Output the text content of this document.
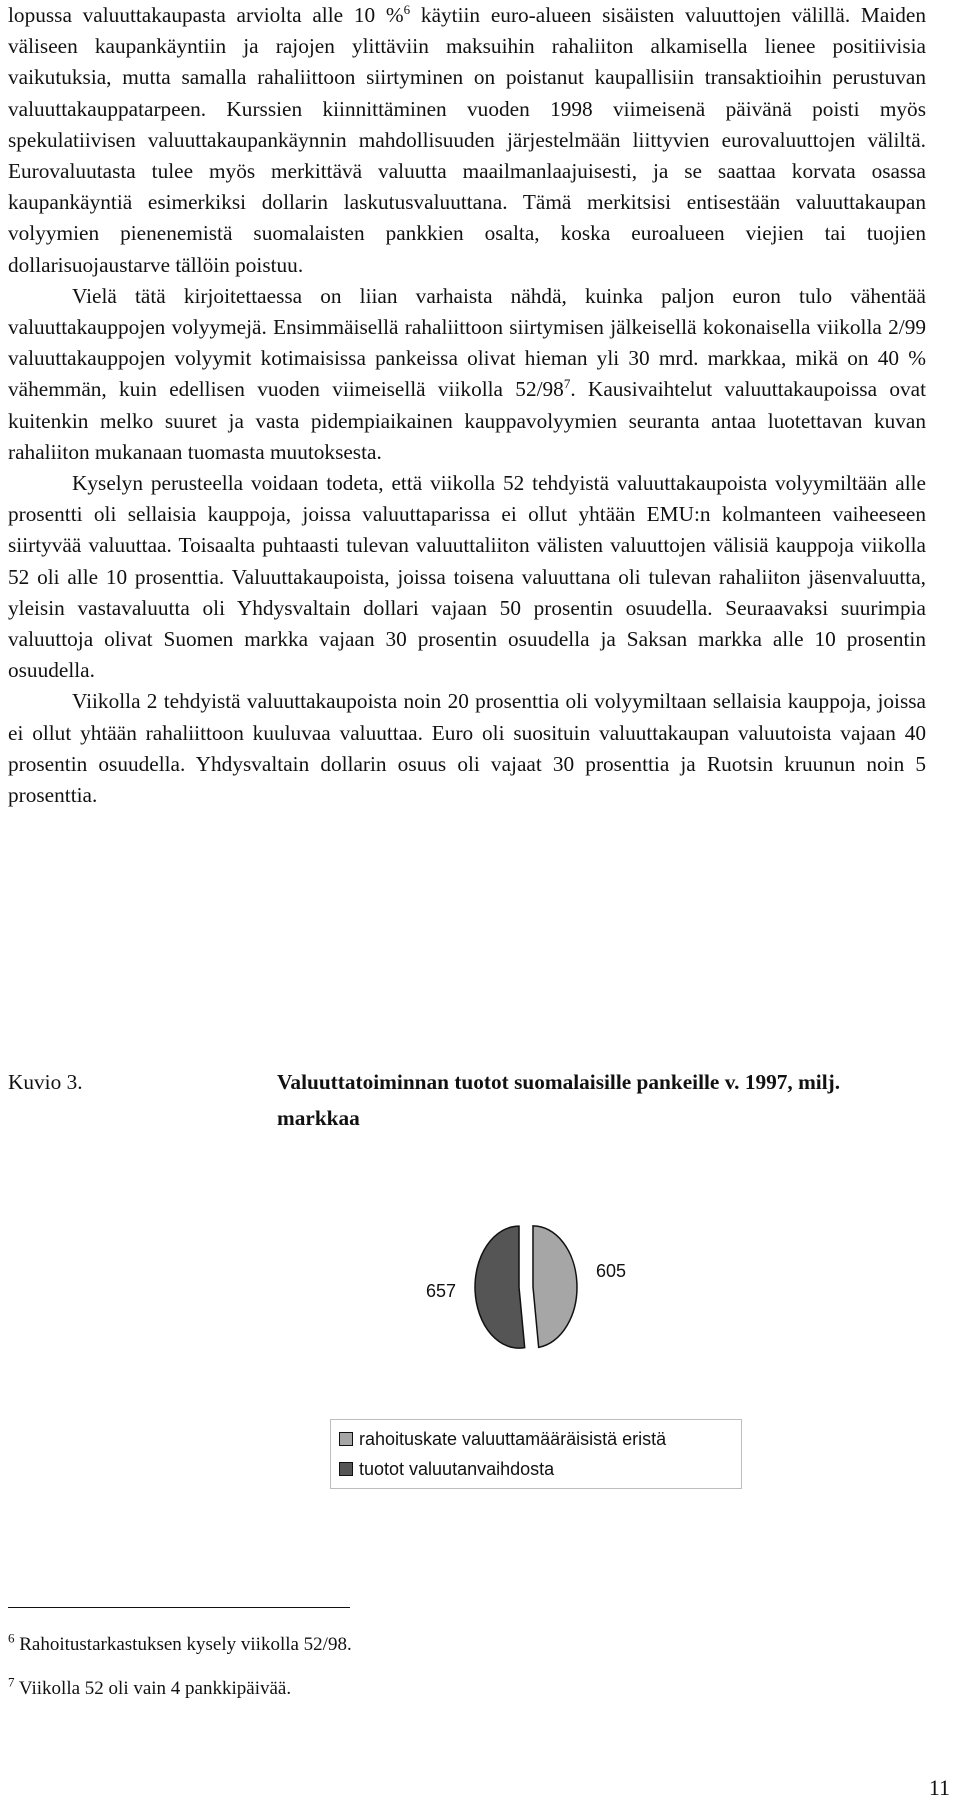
lopussa valuuttakaupasta arviolta alle 10 %$^6$ käytiin euro-alueen sisäisten valuuttojen välillä. Maiden väliseen kaupankäyntiin ja rajojen ylittäviin maksuihin rahaliiton alkamisella lienee positiivisia vaikutuksia, mutta samalla rahaliittoon siirtyminen on poistanut kaupallisiin transaktioihin perustuvan valuuttakauppatarpeen. Kurssien kiinnittäminen vuoden 1998 viimeisenä päivänä poisti myös spekulatiivisen valuuttakaupankäynnin mahdollisuuden järjestelmään liittyvien eurovaluuttojen väliltä. Eurovaluutasta tulee myös merkittävä valuutta maailmanlaajuisesti, ja se saattaa korvata osassa kaupankäyntiä esimerkiksi dollarin laskutusvaluuttana. Tämä merkitsisi entisestään valuuttakaupan volyymien pienenemistä suomalaisten pankkien osalta, koska euroalueen viejien tai tuojien dollarisuojaustarve tällöin poistuu.

Vielä tätä kirjoitettaessa on liian varhaista nähdä, kuinka paljon euron tulo vähentää valuuttakauppojen volyymejä. Ensimmäisellä rahaliittoon siirtymisen jälkeisellä kokonaisella viikolla 2/99 valuuttakauppojen volyymit kotimaisissa pankeissa olivat hieman yli 30 mrd. markkaa, mikä on 40 % vähemmän, kuin edellisen vuoden viimeisellä viikolla $52/98^7$. Kausivaihtelut valuuttakaupoissa ovat kuitenkin melko suuret ja vasta pidempiaikainen kauppavolyymien seuranta antaa luotettavan kuvan rahaliiton mukanaan tuomasta muutoksesta.

Kyselyn perusteella voidaan todeta, että viikolla 52 tehdyistä valuuttakaupoista volyymiltään alle prosentti oli sellaisia kauppoja, joissa valuuttaparissa ei ollut yhtään EMU:n kolmanteen vaiheeseen siirtyvää valuuttaa. Toisaalta puhtaasti tulevan valuuttaliiton välisten valuuttojen välisiä kauppoja viikolla 52 oli alle 10 prosenttia. Valuuttakaupoista, joissa toisena valuuttana oli tulevan rahaliiton jäsenvaluutta, yleisin vastavaluutta oli Yhdysvaltain dollari vajaan 50 prosentin osuudella. Seuraavaksi suurimpia valuuttoja olivat Suomen markka vajaan 30 prosentin osuudella ja Saksan markka alle 10 prosentin osuudella.

Viikolla 2 tehdyistä valuuttakaupoista noin 20 prosenttia oli volyymiltaan sellaisia kauppoja, joissa ei ollut yhtään rahaliittoon kuuluvaa valuuttaa. Euro oli suosituin valuuttakaupan valuutoista vajaan 40 prosentin osuudella. Yhdysvaltain dollarin osuus oli vajaat 30 prosenttia ja Ruotsin kruunun noin 5 prosenttia.

Kuvio 3.	Valuuttatoiminnan tuotot suomalaisille pankeille v. 1997, milj. markkaa
605
657
rahoituskate valuuttamääräisistä eristä
tuotot valuutanvaihdosta
$^6$ Rahoitustarkastuksen kysely viikolla 52/98.
$^7$ Viikolla 52 oli vain 4 pankkipäivää.
11
